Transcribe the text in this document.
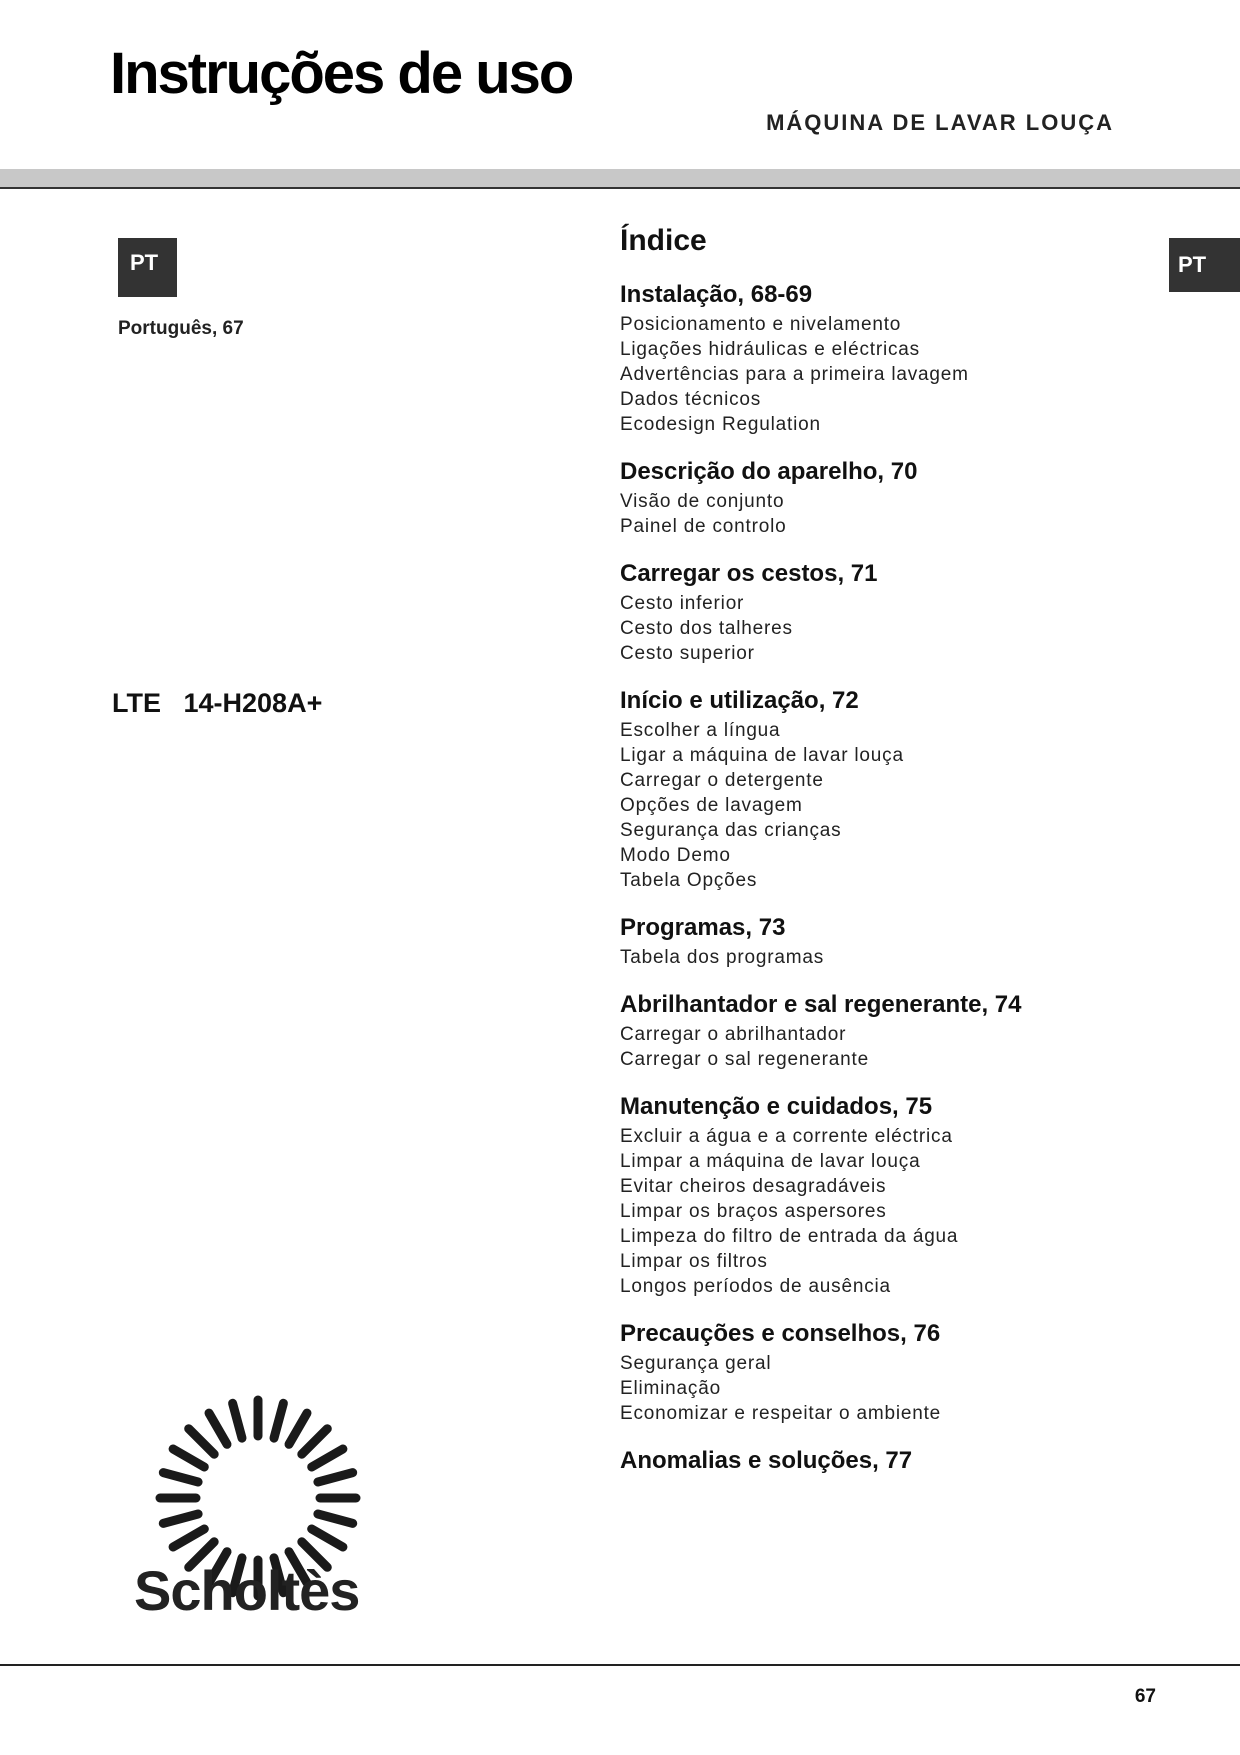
Instruções de uso
MÁQUINA DE LAVAR LOUÇA
PT
Português, 67
PT
LTE   14-H208A+
Índice
Instalação, 68-69
Posicionamento e nivelamento
Ligações hidráulicas e eléctricas
Advertências para a primeira lavagem
Dados técnicos
Ecodesign Regulation
Descrição do aparelho, 70
Visão de conjunto
Painel de controlo
Carregar os cestos, 71
Cesto inferior
Cesto dos talheres
Cesto superior
Início e utilização, 72
Escolher a língua
Ligar a máquina de lavar louça
Carregar o detergente
Opções de lavagem
Segurança das crianças
Modo Demo
Tabela Opções
Programas, 73
Tabela dos programas
Abrilhantador e sal regenerante, 74
Carregar o abrilhantador
Carregar o sal regenerante
Manutenção e cuidados, 75
Excluir a água e a corrente eléctrica
Limpar a máquina de lavar louça
Evitar cheiros desagradáveis
Limpar os braços aspersores
Limpeza do filtro de entrada da água
Limpar os filtros
Longos períodos de ausência
Precauções e conselhos, 76
Segurança geral
Eliminação
Economizar e respeitar o ambiente
Anomalias e soluções, 77
Scholtès
67
